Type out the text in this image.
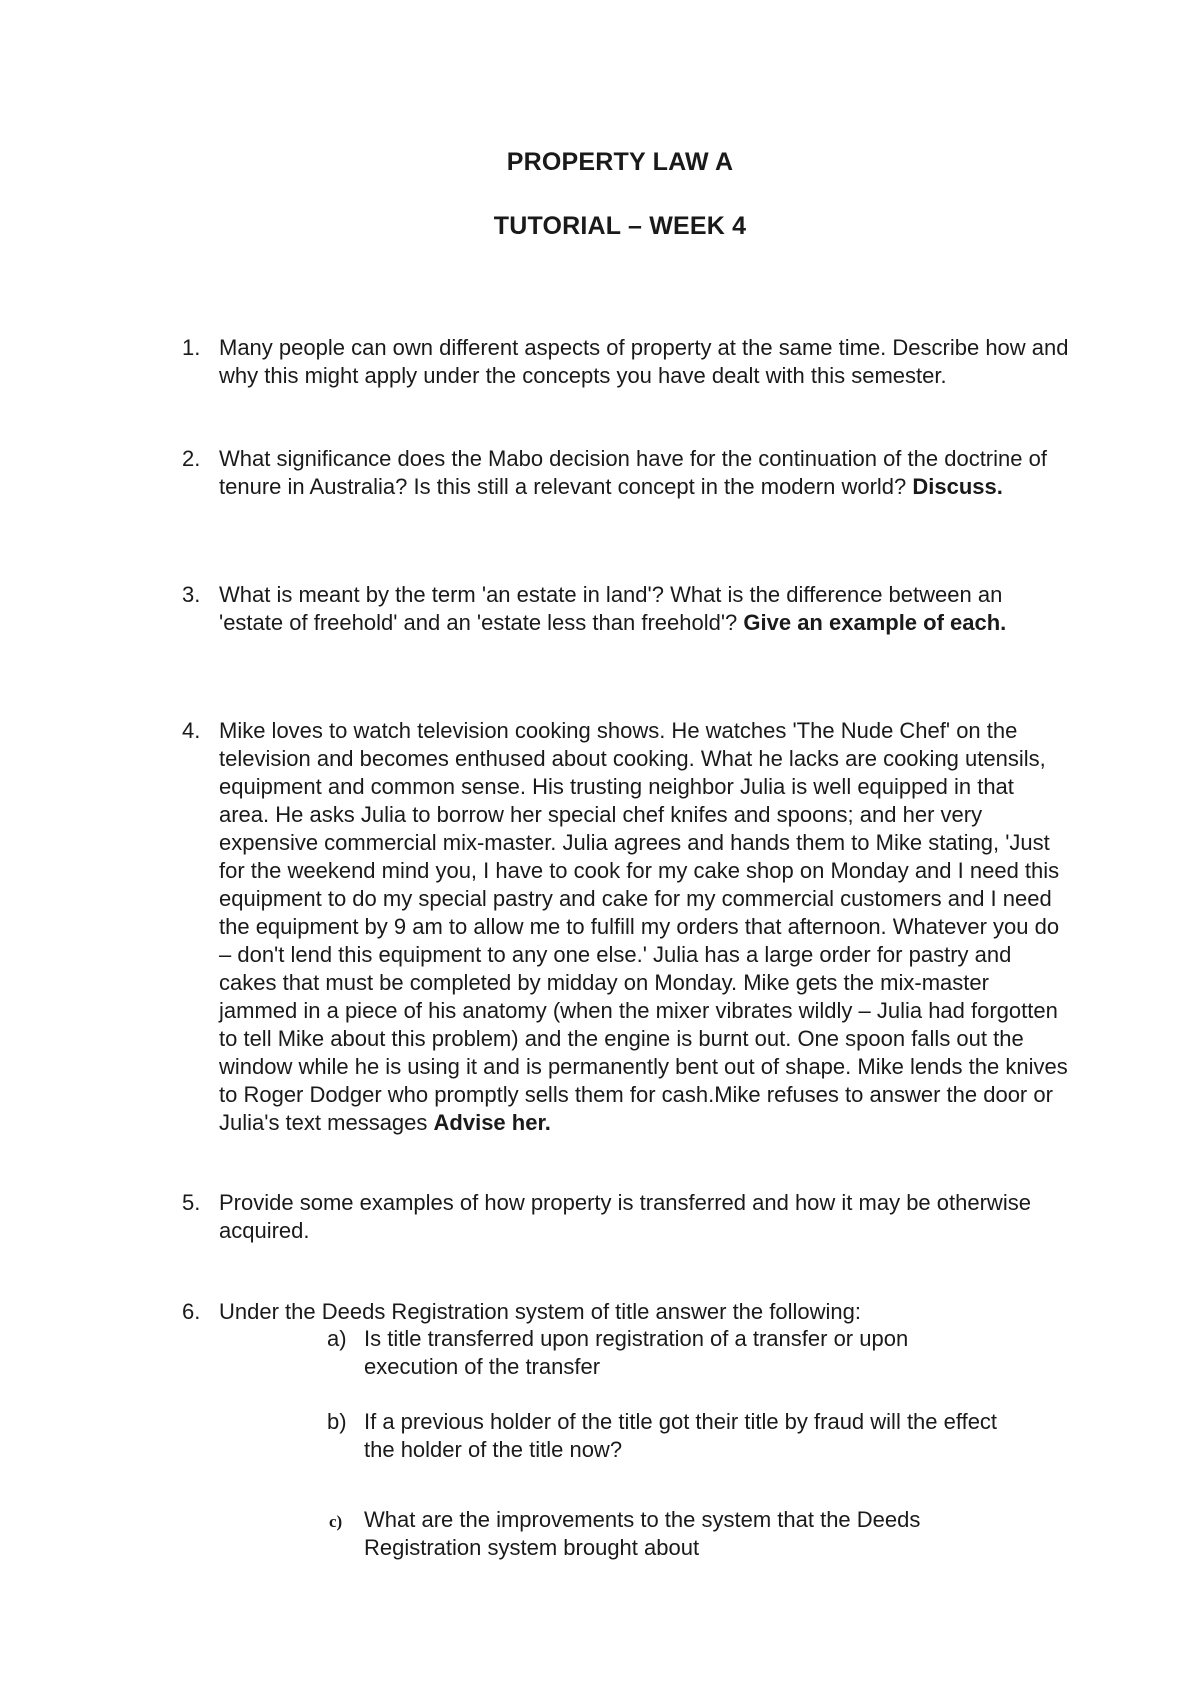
PROPERTY LAW A
TUTORIAL – WEEK 4
1. Many people can own different aspects of property at the same time. Describe how and why this might apply under the concepts you have dealt with this semester.
2. What significance does the Mabo decision have for the continuation of the doctrine of tenure in Australia? Is this still a relevant concept in the modern world? Discuss.
3. What is meant by the term 'an estate in land'? What is the difference between an 'estate of freehold' and an 'estate less than freehold'? Give an example of each.
4. Mike loves to watch television cooking shows. He watches 'The Nude Chef' on the television and becomes enthused about cooking. What he lacks are cooking utensils, equipment and common sense. His trusting neighbor Julia is well equipped in that area. He asks Julia to borrow her special chef knifes and spoons; and her very expensive commercial mix-master. Julia agrees and hands them to Mike stating, 'Just for the weekend mind you, I have to cook for my cake shop on Monday and I need this equipment to do my special pastry and cake for my commercial customers and I need the equipment by 9 am to allow me to fulfill my orders that afternoon. Whatever you do – don't lend this equipment to any one else.' Julia has a large order for pastry and cakes that must be completed by midday on Monday. Mike gets the mix-master jammed in a piece of his anatomy (when the mixer vibrates wildly – Julia had forgotten to tell Mike about this problem) and the engine is burnt out. One spoon falls out the window while he is using it and is permanently bent out of shape. Mike lends the knives to Roger Dodger who promptly sells them for cash.Mike refuses to answer the door or Julia's text messages Advise her.
5. Provide some examples of how property is transferred and how it may be otherwise acquired.
6. Under the Deeds Registration system of title answer the following:
a) Is title transferred upon registration of a transfer or upon execution of the transfer
b) If a previous holder of the title got their title by fraud will the effect the holder of the title now?
c) What are the improvements to the system that the Deeds Registration system brought about
